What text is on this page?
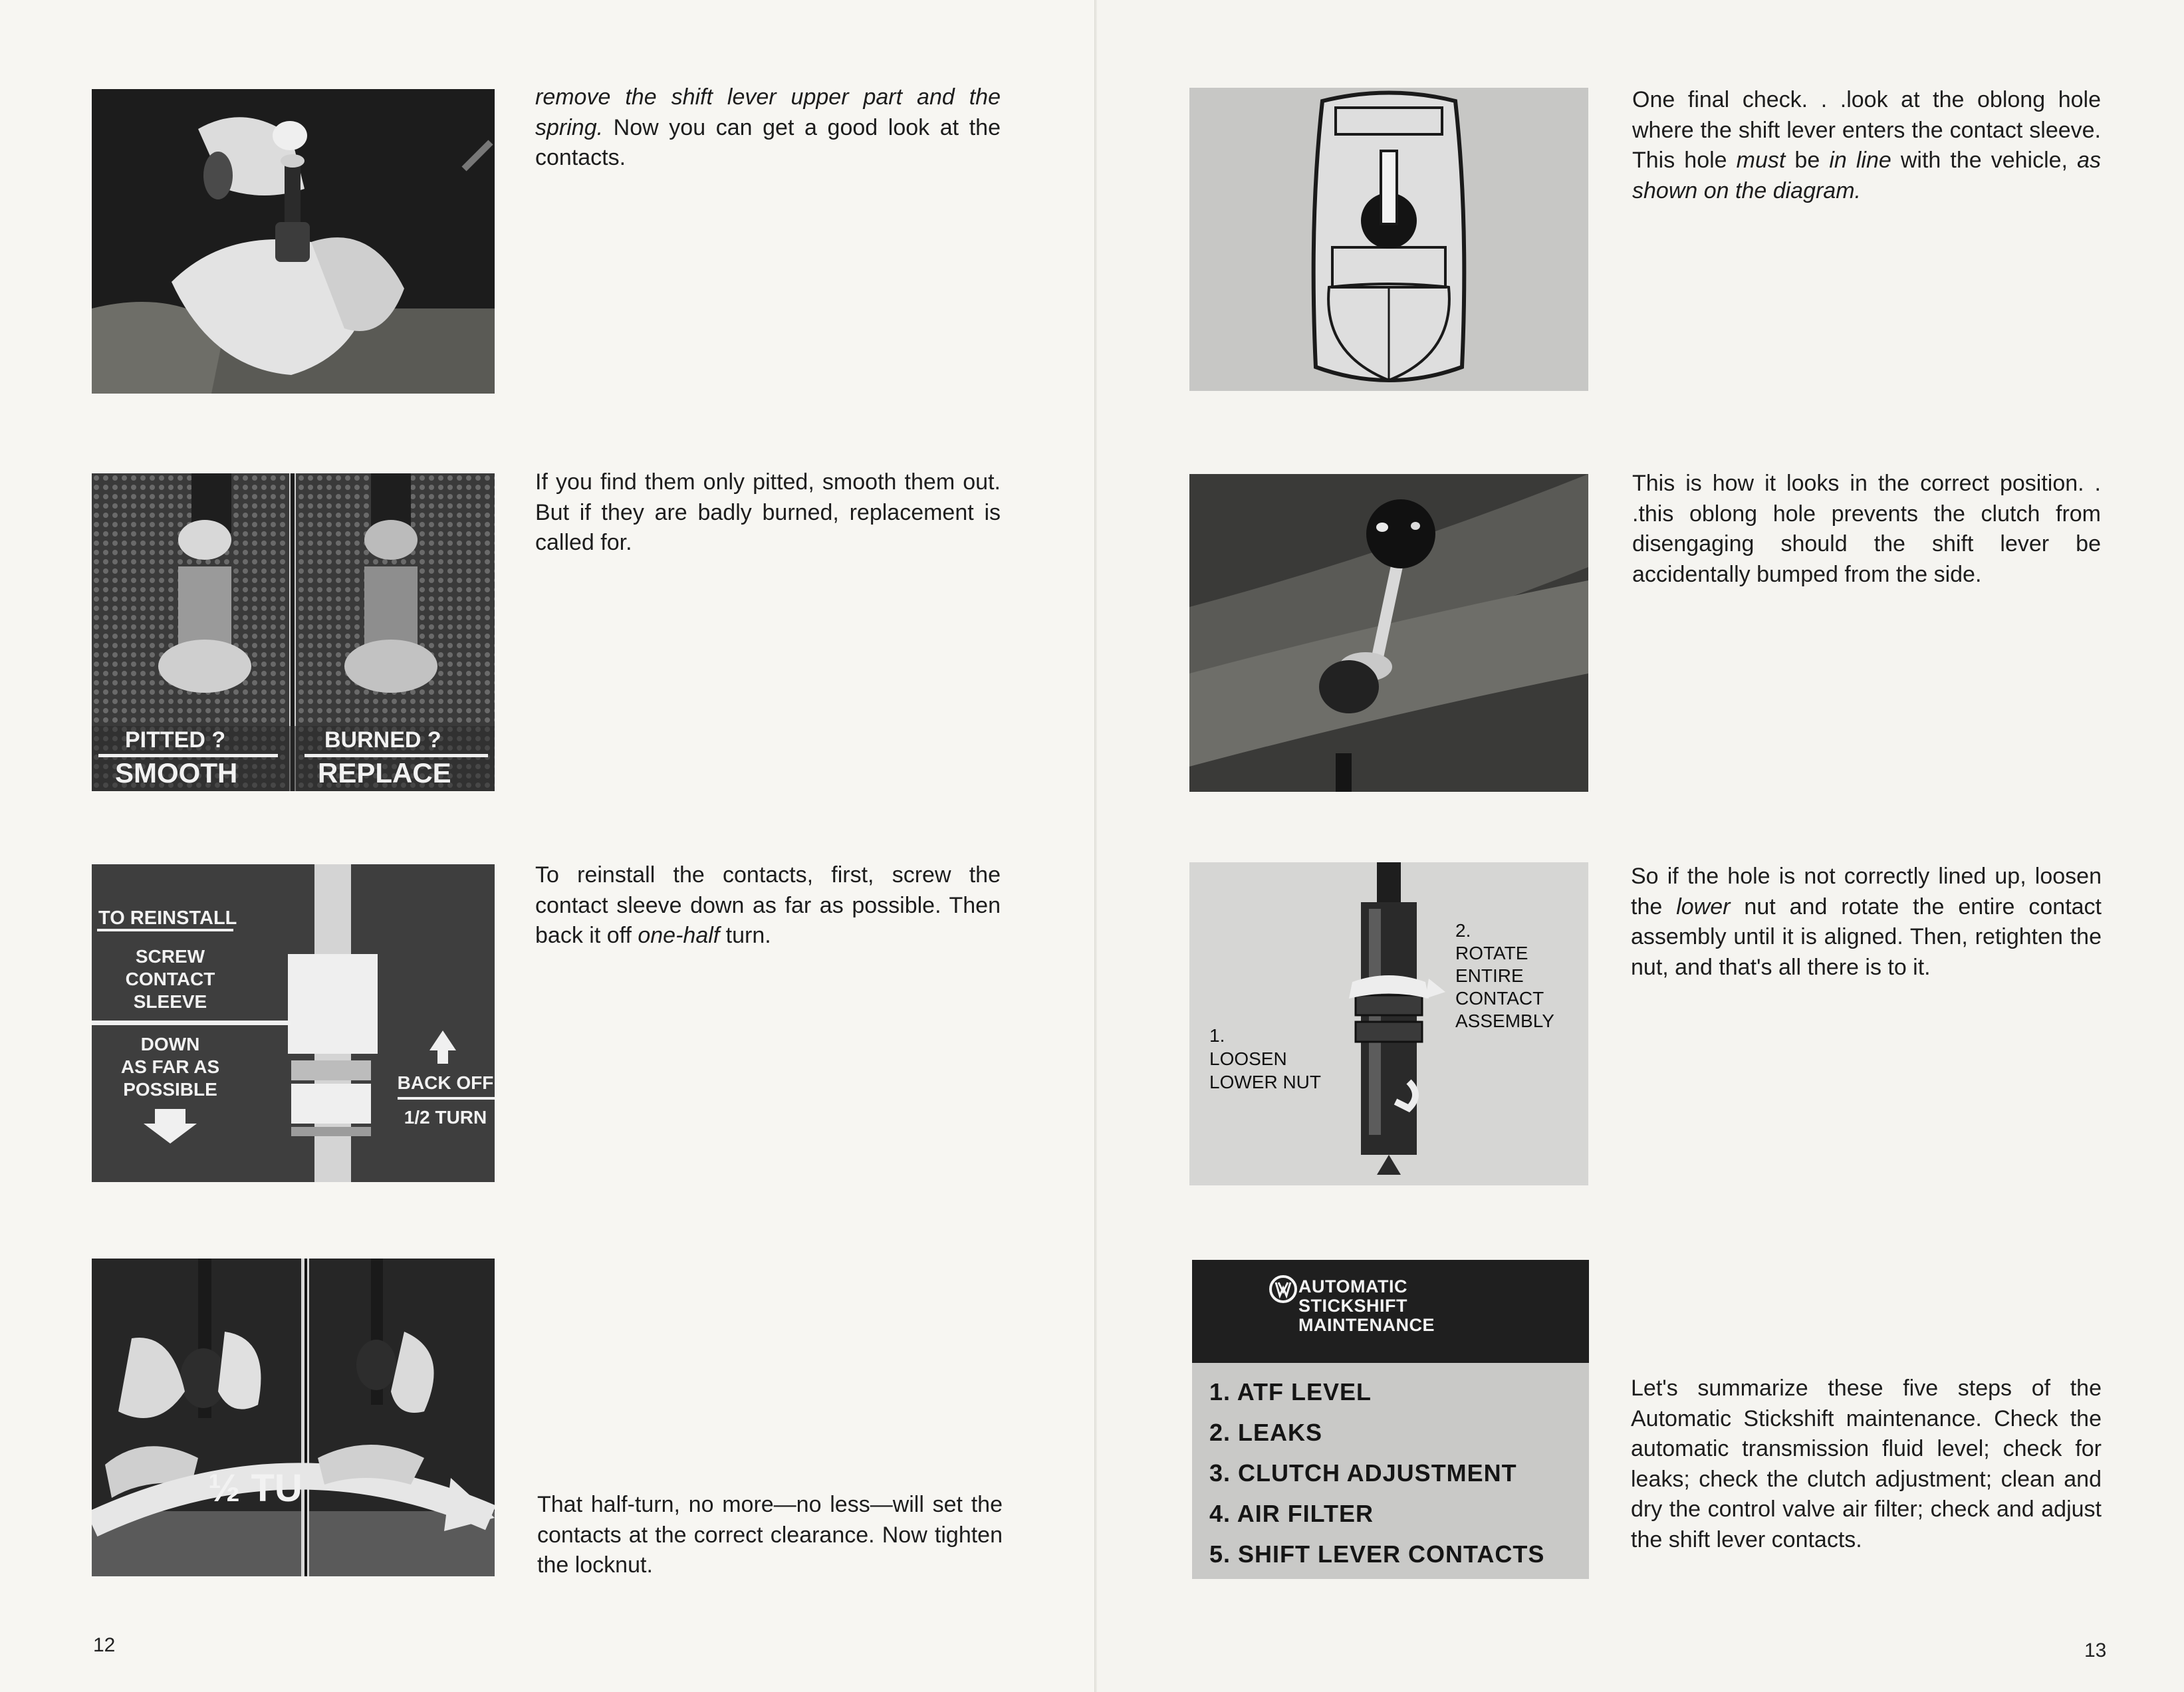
remove the shift lever upper part and the spring. Now you can get a good look at the contacts.
PITTED ?
SMOOTH
BURNED ?
REPLACE
If you find them only pitted, smooth them out. But if they are badly burned, replacement is called for.
TO REINSTALL
SCREW
CONTACT
SLEEVE
DOWN
AS FAR AS
POSSIBLE	BACK OFF
1/2 TURN
To reinstall the contacts, first, screw the contact sleeve down as far as possible. Then back it off one-half turn.
½ TU	That half-turn, no more—no less—will set the contacts at the correct clearance. Now tighten the locknut.
12
One final check. . .look at the oblong hole where the shift lever enters the contact sleeve. This hole must be in line with the vehicle, as shown on the diagram.
This is how it looks in the correct position. . .this oblong hole prevents the clutch from disengaging should the shift lever be accidentally bumped from the side.
2.
ROTATE
ENTIRE
CONTACT
ASSEMBLY
1.
LOOSEN
LOWER NUT
So if the hole is not correctly lined up, loosen the lower nut and rotate the entire contact assembly until it is aligned. Then, retighten the nut, and that's all there is to it.
AUTOMATIC
STICKSHIFT
MAINTENANCE
1. ATF LEVEL
2. LEAKS
3. CLUTCH ADJUSTMENT
4. AIR FILTER
5. SHIFT LEVER CONTACTS
Let's summarize these five steps of the Automatic Stickshift maintenance. Check the automatic transmission fluid level; check for leaks; check the clutch adjustment; clean and dry the control valve air filter; check and adjust the shift lever contacts.
13
